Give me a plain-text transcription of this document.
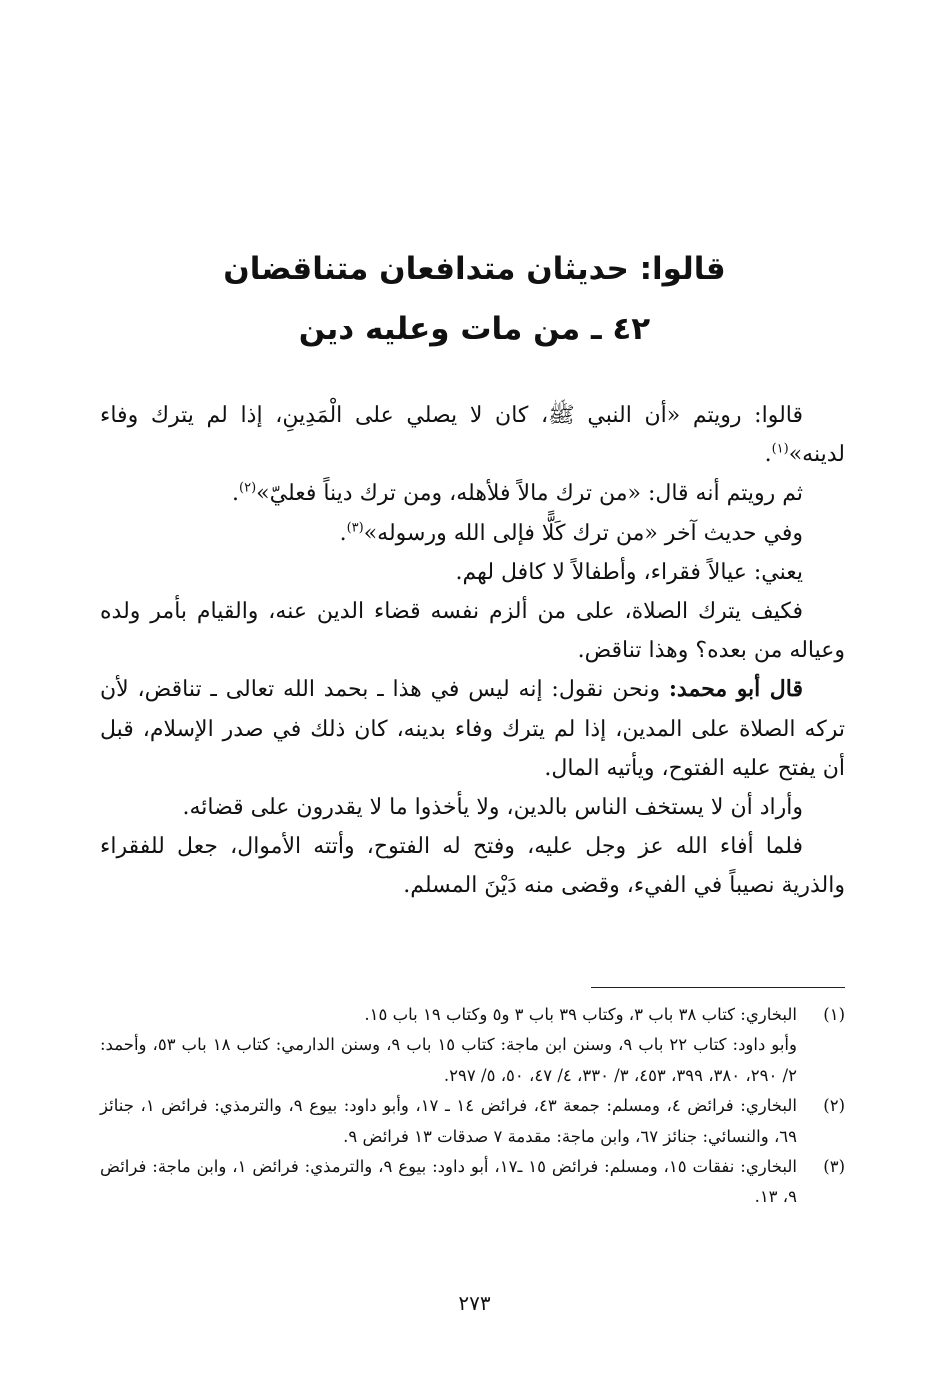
قالوا: حديثان متدافعان متناقضان
٤٢ ـ من مات وعليه دين

قالوا: رويتم «أن النبي ﷺ، كان لا يصلي على الْمَدِينِ، إذا لم يترك وفاء لدينه»$^{(١)}$.

ثم رويتم أنه قال: «من ترك مالاً فلأهله، ومن ترك ديناً فعليّ»$^{(٢)}$.

وفي حديث آخر «من ترك كَلًّا فإلى الله ورسوله»$^{(٣)}$.

يعني: عيالاً فقراء، وأطفالاً لا كافل لهم.

فكيف يترك الصلاة، على من ألزم نفسه قضاء الدين عنه، والقيام بأمر ولده وعياله من بعده؟ وهذا تناقض.

قال أبو محمد: ونحن نقول: إنه ليس في هذا ـ بحمد الله تعالى ـ تناقض، لأن تركه الصلاة على المدين، إذا لم يترك وفاء بدينه، كان ذلك في صدر الإسلام، قبل أن يفتح عليه الفتوح، ويأتيه المال.

وأراد أن لا يستخف الناس بالدين، ولا يأخذوا ما لا يقدرون على قضائه.

فلما أفاء الله عز وجل عليه، وفتح له الفتوح، وأتته الأموال، جعل للفقراء والذرية نصيباً في الفيء، وقضى منه دَيْنَ المسلم.

(١)

البخاري: كتاب ٣٨ باب ٣، وكتاب ٣٩ باب ٣ و٥ وكتاب ١٩ باب ١٥.

وأبو داود: كتاب ٢٢ باب ٩، وسنن ابن ماجة: كتاب ١٥ باب ٩، وسنن الدارمي: كتاب ١٨ باب ٥٣، وأحمد: ٢/ ٢٩٠، ٣٨٠، ٣٩٩، ٤٥٣، ٣/ ٣٣٠، ٤/ ٤٧، ٥٠، ٥/ ٢٩٧.

(٢)

البخاري: فرائض ٤، ومسلم: جمعة ٤٣، فرائض ١٤ ـ ١٧، وأبو داود: بيوع ٩، والترمذي: فرائض ١، جنائز ٦٩، والنسائي: جنائز ٦٧، وابن ماجة: مقدمة ٧ صدقات ١٣ فرائض ٩.

(٣)

البخاري: نفقات ١٥، ومسلم: فرائض ١٥ ـ١٧، أبو داود: بيوع ٩، والترمذي: فرائض ١، وابن ماجة: فرائض ٩، ١٣.

٢٧٣
